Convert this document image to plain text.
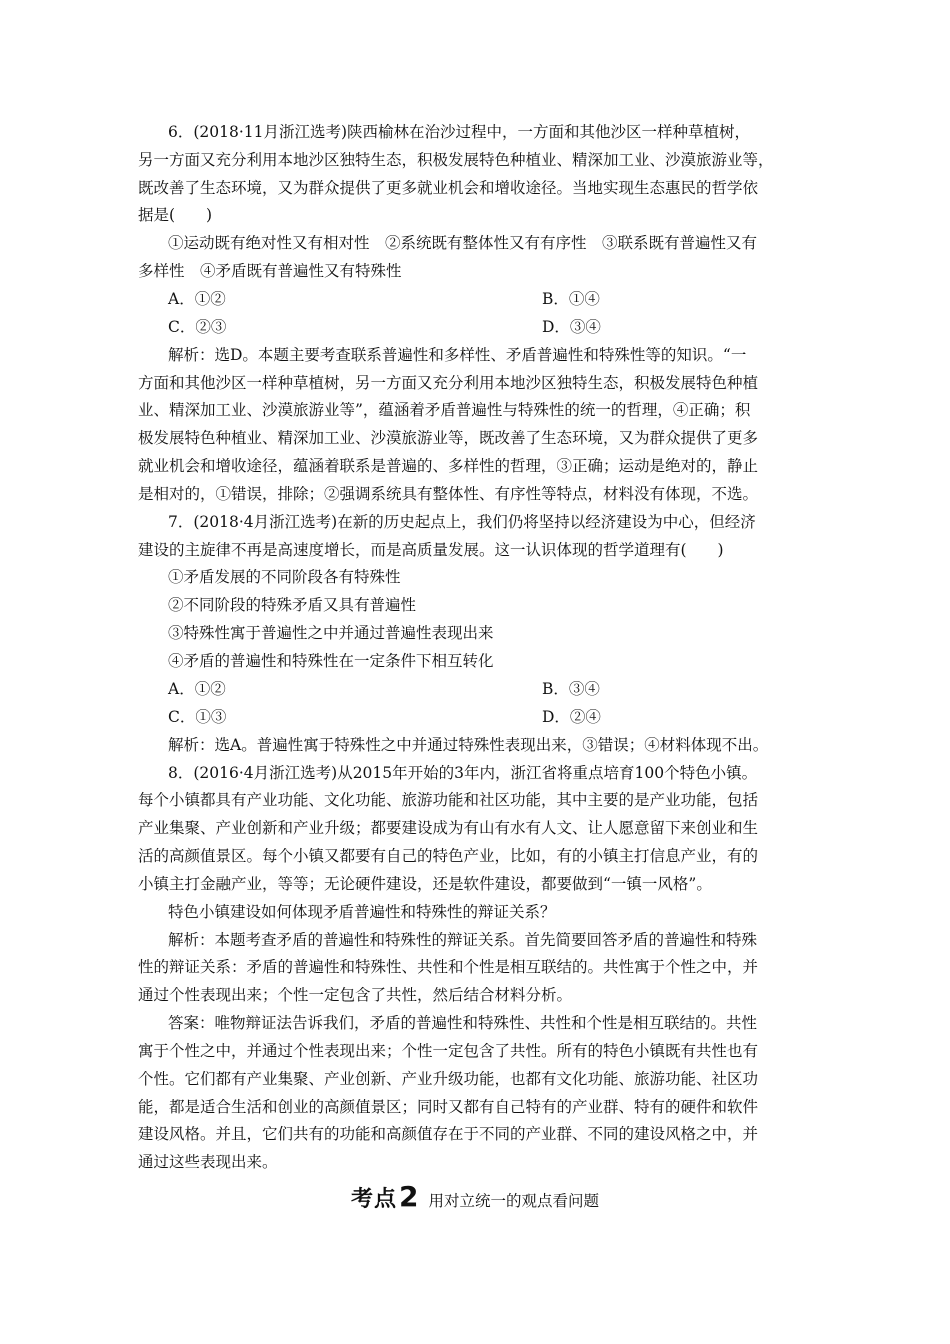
6．(2018·11月浙江选考)陕西榆林在治沙过程中，一方面和其他沙区一样种草植树，
另一方面又充分利用本地沙区独特生态，积极发展特色种植业、精深加工业、沙漠旅游业等，
既改善了生态环境，又为群众提供了更多就业机会和增收途径。当地实现生态惠民的哲学依
据是(　　)
①运动既有绝对性又有相对性　②系统既有整体性又有有序性　③联系既有普遍性又有
多样性　④矛盾既有普遍性又有特殊性
A．①②	B．①④
C．②③	D．③④
解析：选D。本题主要考查联系普遍性和多样性、矛盾普遍性和特殊性等的知识。“一
方面和其他沙区一样种草植树，另一方面又充分利用本地沙区独特生态，积极发展特色种植
业、精深加工业、沙漠旅游业等”，蕴涵着矛盾普遍性与特殊性的统一的哲理，④正确；积
极发展特色种植业、精深加工业、沙漠旅游业等，既改善了生态环境，又为群众提供了更多
就业机会和增收途径，蕴涵着联系是普遍的、多样性的哲理，③正确；运动是绝对的，静止
是相对的，①错误，排除；②强调系统具有整体性、有序性等特点，材料没有体现，不选。
7．(2018·4月浙江选考)在新的历史起点上，我们仍将坚持以经济建设为中心，但经济
建设的主旋律不再是高速度增长，而是高质量发展。这一认识体现的哲学道理有(　　)
①矛盾发展的不同阶段各有特殊性
②不同阶段的特殊矛盾又具有普遍性
③特殊性寓于普遍性之中并通过普遍性表现出来
④矛盾的普遍性和特殊性在一定条件下相互转化
A．①②	B．③④
C．①③	D．②④
解析：选A。普遍性寓于特殊性之中并通过特殊性表现出来，③错误；④材料体现不出。
8．(2016·4月浙江选考)从2015年开始的3年内，浙江省将重点培育100个特色小镇。
每个小镇都具有产业功能、文化功能、旅游功能和社区功能，其中主要的是产业功能，包括
产业集聚、产业创新和产业升级；都要建设成为有山有水有人文、让人愿意留下来创业和生
活的高颜值景区。每个小镇又都要有自己的特色产业，比如，有的小镇主打信息产业，有的
小镇主打金融产业，等等；无论硬件建设，还是软件建设，都要做到“一镇一风格”。
特色小镇建设如何体现矛盾普遍性和特殊性的辩证关系？
解析：本题考查矛盾的普遍性和特殊性的辩证关系。首先简要回答矛盾的普遍性和特殊
性的辩证关系：矛盾的普遍性和特殊性、共性和个性是相互联结的。共性寓于个性之中，并
通过个性表现出来；个性一定包含了共性，然后结合材料分析。
答案：唯物辩证法告诉我们，矛盾的普遍性和特殊性、共性和个性是相互联结的。共性
寓于个性之中，并通过个性表现出来；个性一定包含了共性。所有的特色小镇既有共性也有
个性。它们都有产业集聚、产业创新、产业升级功能，也都有文化功能、旅游功能、社区功
能，都是适合生活和创业的高颜值景区；同时又都有自己特有的产业群、特有的硬件和软件
建设风格。并且，它们共有的功能和高颜值存在于不同的产业群、不同的建设风格之中，并
通过这些表现出来。
考点2 用对立统一的观点看问题
